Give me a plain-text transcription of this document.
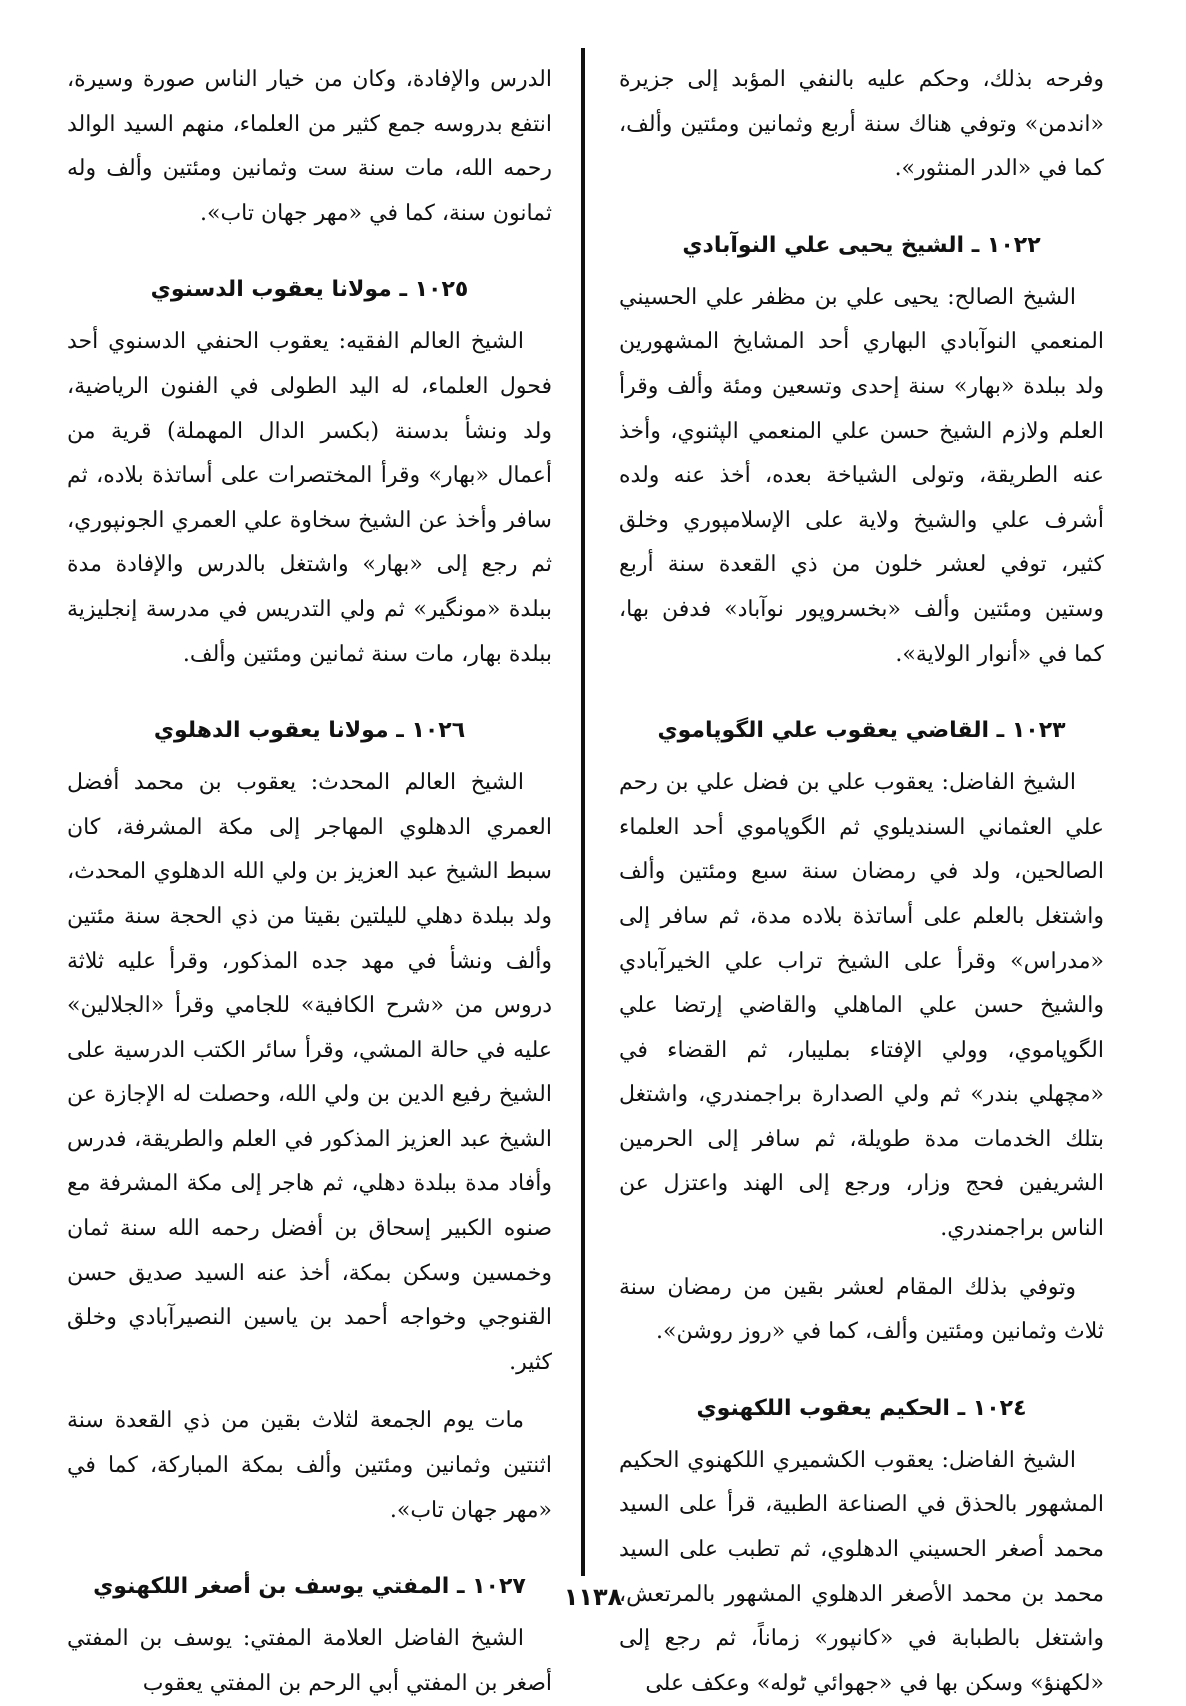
وفرحه بذلك، وحكم عليه بالنفي المؤبد إلى جزيرة «اندمن» وتوفي هناك سنة أربع وثمانين ومئتين وألف، كما في «الدر المنثور».

١٠٢٢ ـ الشيخ يحيى علي النوآبادي

الشيخ الصالح: يحيى علي بن مظفر علي الحسيني المنعمي النوآبادي البهاري أحد المشايخ المشهورين ولد ببلدة «بهار» سنة إحدى وتسعين ومئة وألف وقرأ العلم ولازم الشيخ حسن علي المنعمي الپثنوي، وأخذ عنه الطريقة، وتولى الشياخة بعده، أخذ عنه ولده أشرف علي والشيخ ولاية على الإسلامپوري وخلق كثير، توفي لعشر خلون من ذي القعدة سنة أربع وستين ومئتين وألف «بخسروپور نوآباد» فدفن بها، كما في «أنوار الولاية».

١٠٢٣ ـ القاضي يعقوب علي الگوپاموي

الشيخ الفاضل: يعقوب علي بن فضل علي بن رحم علي العثماني السنديلوي ثم الگوپاموي أحد العلماء الصالحين، ولد في رمضان سنة سبع ومئتين وألف واشتغل بالعلم على أساتذة بلاده مدة، ثم سافر إلى «مدراس» وقرأ على الشيخ تراب علي الخيرآبادي والشيخ حسن علي الماهلي والقاضي إرتضا علي الگوپاموي، وولي الإفتاء بمليبار، ثم القضاء في «مچهلي بندر» ثم ولي الصدارة براجمندري، واشتغل بتلك الخدمات مدة طويلة، ثم سافر إلى الحرمين الشريفين فحج وزار، ورجع إلى الهند واعتزل عن الناس براجمندري.

وتوفي بذلك المقام لعشر بقين من رمضان سنة ثلاث وثمانين ومئتين وألف، كما في «روز روشن».

١٠٢٤ ـ الحكيم يعقوب اللكهنوي

الشيخ الفاضل: يعقوب الكشميري اللكهنوي الحكيم المشهور بالحذق في الصناعة الطبية، قرأ على السيد محمد أصغر الحسيني الدهلوي، ثم تطبب على السيد محمد بن محمد الأصغر الدهلوي المشهور بالمرتعش، واشتغل بالطبابة في «كانپور» زماناً، ثم رجع إلى «لكهنؤ» وسكن بها في «جهوائي ٹوله» وعكف على

الدرس والإفادة، وكان من خيار الناس صورة وسيرة، انتفع بدروسه جمع كثير من العلماء، منهم السيد الوالد رحمه الله، مات سنة ست وثمانين ومئتين وألف وله ثمانون سنة، كما في «مهر جهان تاب».

١٠٢٥ ـ مولانا يعقوب الدسنوي

الشيخ العالم الفقيه: يعقوب الحنفي الدسنوي أحد فحول العلماء، له اليد الطولى في الفنون الرياضية، ولد ونشأ بدسنة (بكسر الدال المهملة) قرية من أعمال «بهار» وقرأ المختصرات على أساتذة بلاده، ثم سافر وأخذ عن الشيخ سخاوة علي العمري الجونپوري، ثم رجع إلى «بهار» واشتغل بالدرس والإفادة مدة ببلدة «مونگير» ثم ولي التدريس في مدرسة إنجليزية ببلدة بهار، مات سنة ثمانين ومئتين وألف.

١٠٢٦ ـ مولانا يعقوب الدهلوي

الشيخ العالم المحدث: يعقوب بن محمد أفضل العمري الدهلوي المهاجر إلى مكة المشرفة، كان سبط الشيخ عبد العزيز بن ولي الله الدهلوي المحدث، ولد ببلدة دهلي لليلتين بقيتا من ذي الحجة سنة مئتين وألف ونشأ في مهد جده المذكور، وقرأ عليه ثلاثة دروس من «شرح الكافية» للجامي وقرأ «الجلالين» عليه في حالة المشي، وقرأ سائر الكتب الدرسية على الشيخ رفيع الدين بن ولي الله، وحصلت له الإجازة عن الشيخ عبد العزيز المذكور في العلم والطريقة، فدرس وأفاد مدة ببلدة دهلي، ثم هاجر إلى مكة المشرفة مع صنوه الكبير إسحاق بن أفضل رحمه الله سنة ثمان وخمسين وسكن بمكة، أخذ عنه السيد صديق حسن القنوجي وخواجه أحمد بن ياسين النصيرآبادي وخلق كثير.

مات يوم الجمعة لثلاث بقين من ذي القعدة سنة اثنتين وثمانين ومئتين وألف بمكة المباركة، كما في «مهر جهان تاب».

١٠٢٧ ـ المفتي يوسف بن أصغر اللكهنوي

الشيخ الفاضل العلامة المفتي: يوسف بن المفتي أصغر بن المفتي أبي الرحم بن المفتي يعقوب

١١٣٨
